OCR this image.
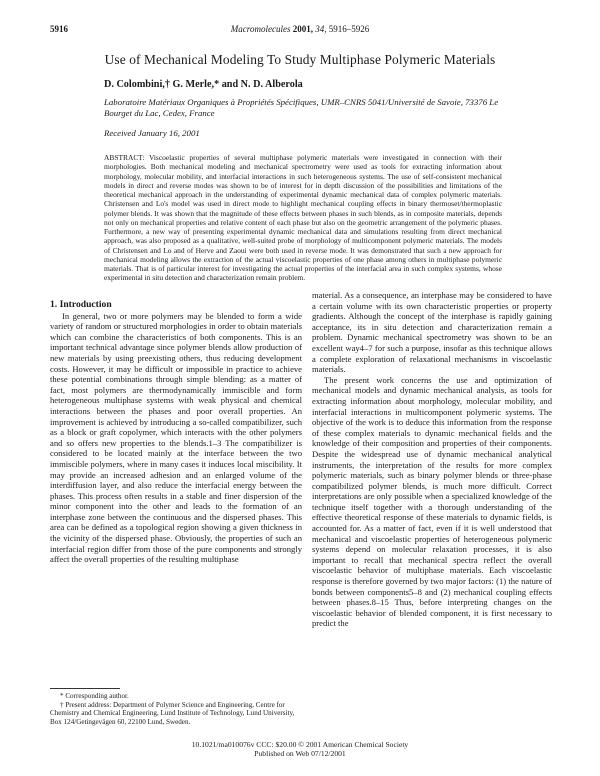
5916	Macromolecules 2001, 34, 5916–5926
Use of Mechanical Modeling To Study Multiphase Polymeric Materials
D. Colombini,† G. Merle,* and N. D. Alberola
Laboratoire Matériaux Organiques à Propriétés Spécifiques, UMR–CNRS 5041/Université de Savoie, 73376 Le Bourget du Lac, Cedex, France
Received January 16, 2001
ABSTRACT: Viscoelastic properties of several multiphase polymeric materials were investigated in connection with their morphologies. Both mechanical modeling and mechanical spectrometry were used as tools for extracting information about morphology, molecular mobility, and interfacial interactions in such heterogeneous systems. The use of self-consistent mechanical models in direct and reverse modes was shown to be of interest for in depth discussion of the possibilities and limitations of the theoretical mechanical approach in the understanding of experimental dynamic mechanical data of complex polymeric materials. Christensen and Lo's model was used in direct mode to highlight mechanical coupling effects in binary thermoset/thermoplastic polymer blends. It was shown that the magnitude of these effects between phases in such blends, as in composite materials, depends not only on mechanical properties and relative content of each phase but also on the geometric arrangement of the polymeric phases. Furthermore, a new way of presenting experimental dynamic mechanical data and simulations resulting from direct mechanical approach, was also proposed as a qualitative, well-suited probe of morphology of multicomponent polymeric materials. The models of Christensen and Lo and of Herve and Zaoui were both used in reverse mode. It was demonstrated that such a new approach for mechanical modeling allows the extraction of the actual viscoelastic properties of one phase among others in multiphase polymeric materials. That is of particular interest for investigating the actual properties of the interfacial area in such complex systems, whose experimental in situ detection and characterization remain problem.

1. Introduction

In general, two or more polymers may be blended to form a wide variety of random or structured morphologies in order to obtain materials which can combine the characteristics of both components. This is an important technical advantage since polymer blends allow production of new materials by using preexisting others, thus reducing development costs. However, it may be difficult or impossible in practice to achieve these potential combinations through simple blending: as a matter of fact, most polymers are thermodynamically immiscible and form heterogeneous multiphase systems with weak physical and chemical interactions between the phases and poor overall properties. An improvement is achieved by introducing a so-called compatibilizer, such as a block or graft copolymer, which interacts with the other polymers and so offers new properties to the blends.1–3 The compatibilizer is considered to be located mainly at the interface between the two immiscible polymers, where in many cases it induces local miscibility. It may provide an increased adhesion and an enlarged volume of the interdiffusion layer, and also reduce the interfacial energy between the phases. This process often results in a stable and finer dispersion of the minor component into the other and leads to the formation of an interphase zone between the continuous and the dispersed phases. This area can be defined as a topological region showing a given thickness in the vicinity of the dispersed phase. Obviously, the properties of such an interfacial region differ from those of the pure components and strongly affect the overall properties of the resulting multiphase

material. As a consequence, an interphase may be considered to have a certain volume with its own characteristic properties or property gradients. Although the concept of the interphase is rapidly gaining acceptance, its in situ detection and characterization remain a problem. Dynamic mechanical spectrometry was shown to be an excellent way4–7 for such a purpose, insofar as this technique allows a complete exploration of relaxational mechanisms in viscoelastic materials.

The present work concerns the use and optimization of mechanical models and dynamic mechanical analysis, as tools for extracting information about morphology, molecular mobility, and interfacial interactions in multicomponent polymeric systems. The objective of the work is to deduce this information from the response of these complex materials to dynamic mechanical fields and the knowledge of their composition and properties of their components. Despite the widespread use of dynamic mechanical analytical instruments, the interpretation of the results for more complex polymeric materials, such as binary polymer blends or three-phase compatibilized polymer blends, is much more difficult. Correct interpretations are only possible when a specialized knowledge of the technique itself together with a thorough understanding of the effective theoretical response of these materials to dynamic fields, is accounted for. As a matter of fact, even if it is well understood that mechanical and viscoelastic properties of heterogeneous polymeric systems depend on molecular relaxation processes, it is also important to recall that mechanical spectra reflect the overall viscoelastic behavior of multiphase materials. Each viscoelastic response is therefore governed by two major factors: (1) the nature of bonds between components5–8 and (2) mechanical coupling effects between phases.8–15 Thus, before interpreting changes on the viscoelastic behavior of blended component, it is first necessary to predict the

* Corresponding author.
† Present address: Department of Polymer Science and Engineering, Centre for Chemistry and Chemical Engineering, Lund Institute of Technology, Lund University, Box 124/Getingevägen 60, 22100 Lund, Sweden.
10.1021/ma010076v CCC: $20.00 © 2001 American Chemical Society
Published on Web 07/12/2001
